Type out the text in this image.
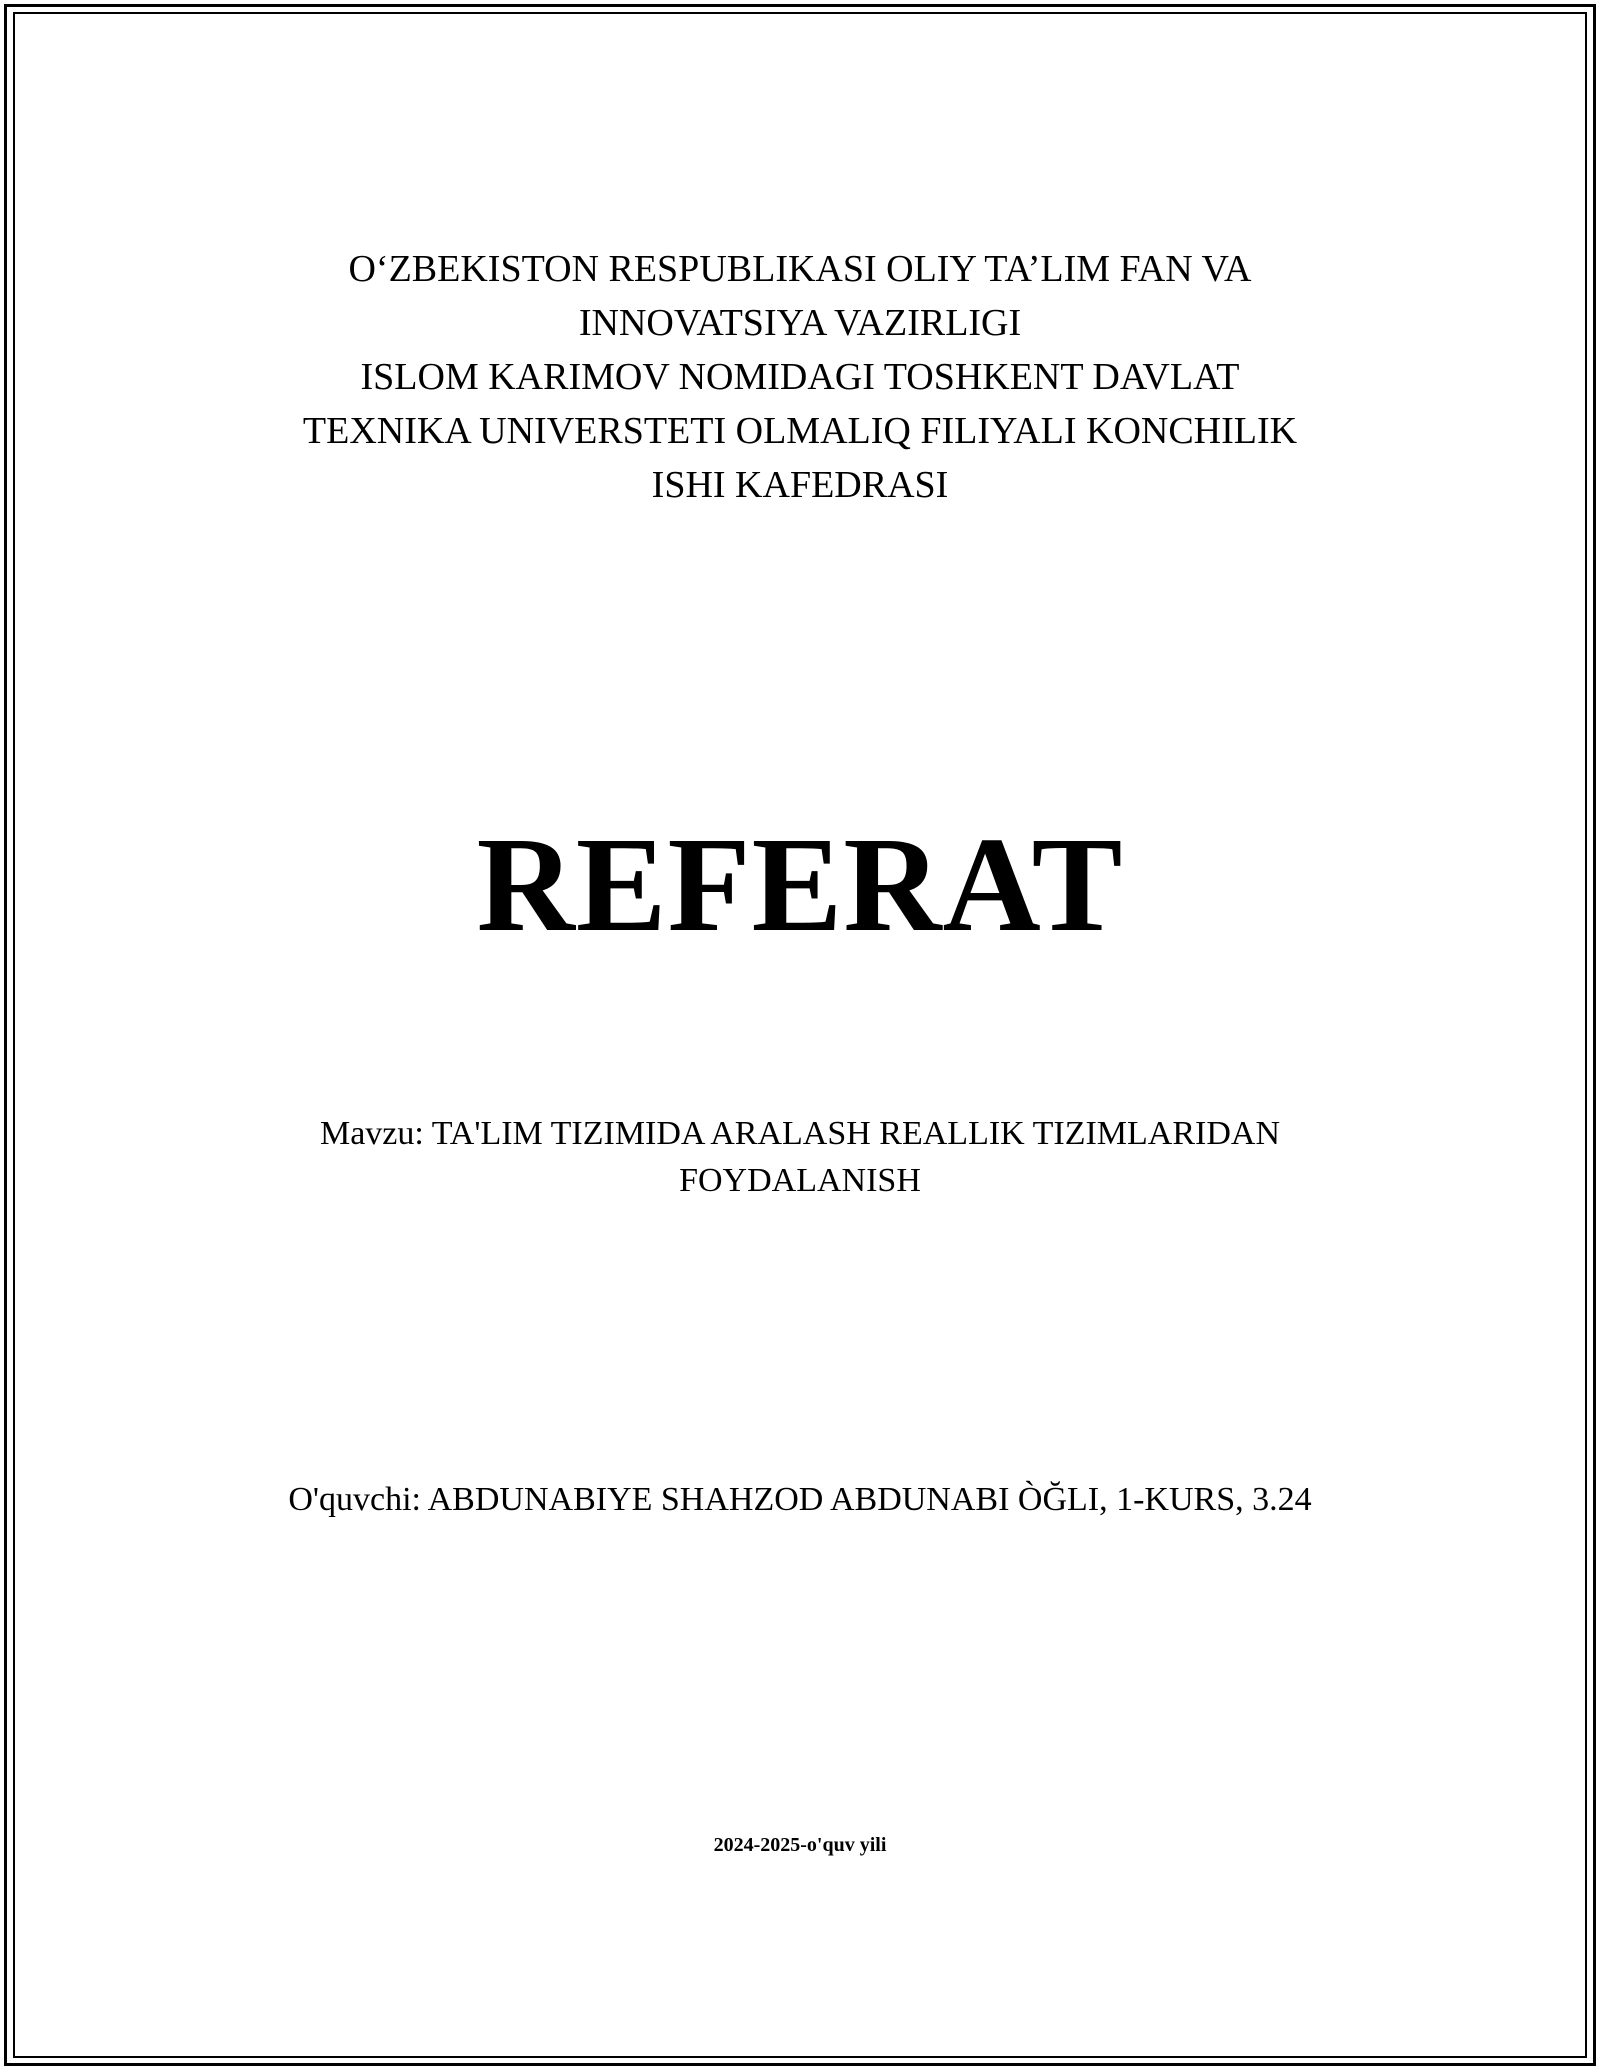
O‘ZBEKISTON RESPUBLIKASI OLIY TA’LIM FAN VA
INNOVATSIYA VAZIRLIGI
ISLOM KARIMOV NOMIDAGI TOSHKENT DAVLAT
TEXNIKA UNIVERSTETI OLMALIQ FILIYALI KONCHILIK
ISHI KAFEDRASI
REFERAT
Mavzu: TA'LIM TIZIMIDA ARALASH REALLIK TIZIMLARIDAN
FOYDALANISH
O'quvchi: ABDUNABIYE SHAHZOD ABDUNABI ÒĞLI, 1-KURS, 3.24
2024-2025-o'quv yili
